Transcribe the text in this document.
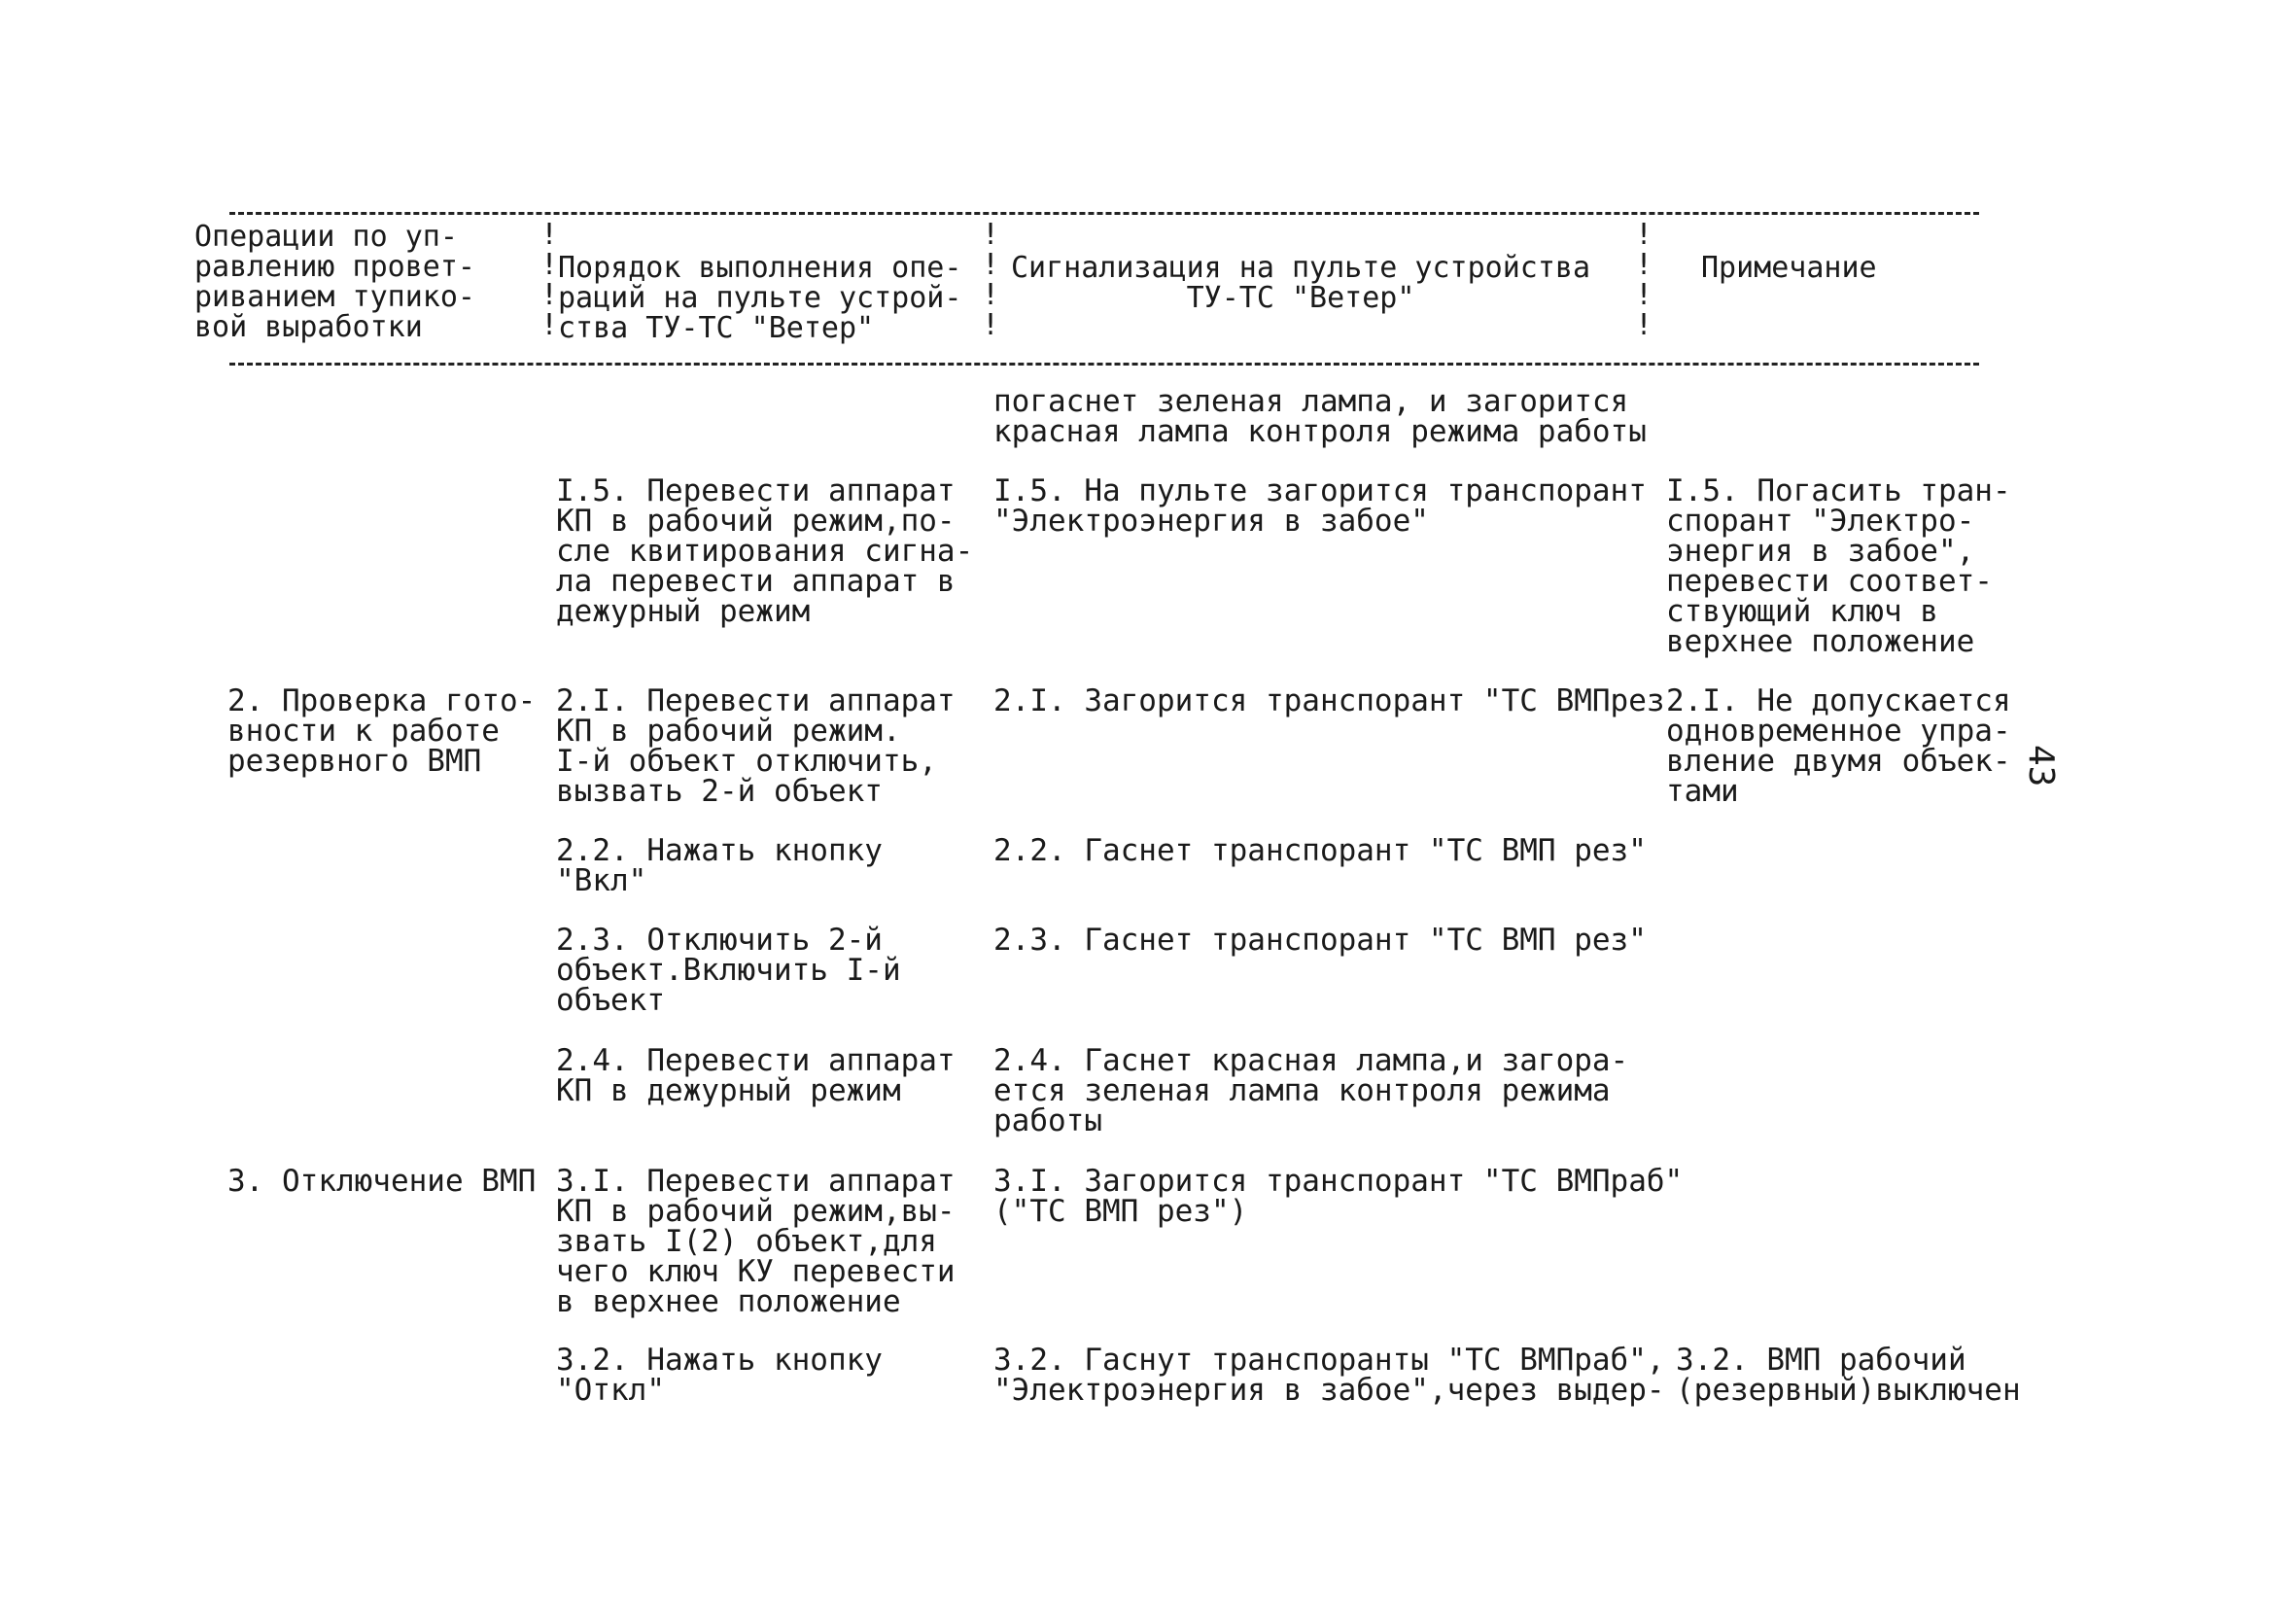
Операции по уп-
равлению провет-
риванием тупико-
вой выработки
!
!
!
!
Порядок выполнения опе-
раций на пульте устрой-
ства ТУ-ТС "Ветер"
!
!
!
!
Сигнализация на пульте устройства
ТУ-ТС "Ветер"
!
!
!
!
Примечание
погаснет зеленая лампа, и загорится
красная лампа контроля режима работы
I.5. Перевести аппарат
КП в рабочий режим,по-
сле квитирования сигна-
ла перевести аппарат в
дежурный режим
I.5. На пульте загорится транспорант
"Электроэнергия в забое"
I.5. Погасить тран-
спорант "Электро-
энергия в забое",
перевести соответ-
ствующий ключ в
верхнее положение
2. Проверка гото-
вности к работе
резервного ВМП
2.I. Перевести аппарат
КП в рабочий режим.
I-й объект отключить,
вызвать 2-й объект
2.I. Загорится транспорант "ТС ВМПрез 2.I. Не допускается
одновременное упра-
вление двумя объек-
тами
2.2. Нажать кнопку
"Вкл"
2.2. Гаснет транспорант "ТС ВМП рез"
2.3. Отключить 2-й
объект.Включить I-й
объект
2.3. Гаснет транспорант "ТС ВМП рез"
2.4. Перевести аппарат
КП в дежурный режим
2.4. Гаснет красная лампа,и загора-
ется зеленая лампа контроля режима
работы
3. Отключение ВМП 3.I. Перевести аппарат
КП в рабочий режим,вы-
звать I(2) объект,для
чего ключ КУ перевести
в верхнее положение
3.I. Загорится транспорант "ТС ВМПраб"
("ТС ВМП рез")
3.2. Нажать кнопку
"Откл"
3.2. Гаснут транспоранты "ТС ВМПраб",
"Электроэнергия в забое",через выдер-
3.2. ВМП рабочий
(резервный)выключен
43
